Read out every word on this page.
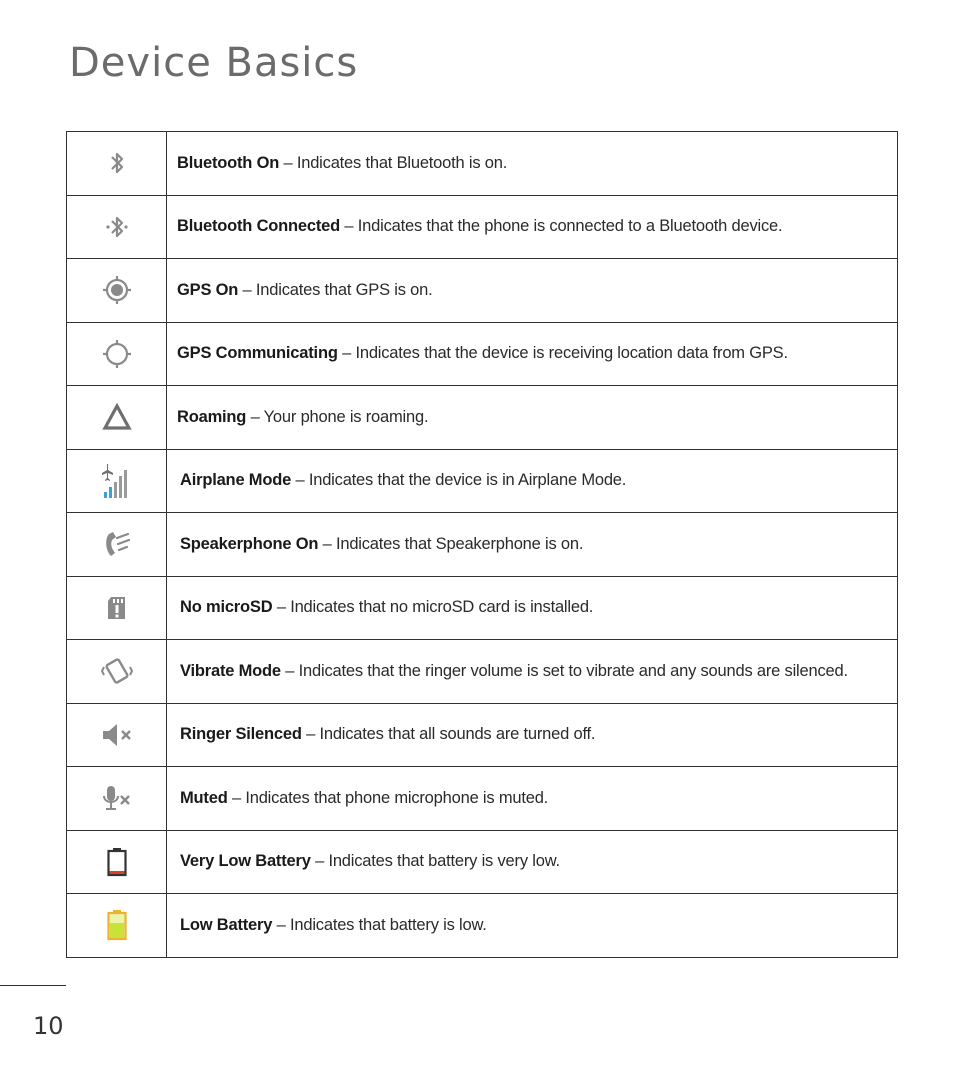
Device Basics
	Bluetooth On – Indicates that Bluetooth is on.

	Bluetooth Connected – Indicates that the phone is connected to a Bluetooth device.

	GPS On – Indicates that GPS is on.

	GPS Communicating – Indicates that the device is receiving location data from GPS.

	Roaming – Your phone is roaming.

	Airplane Mode – Indicates that the device is in Airplane Mode.

	Speakerphone On – Indicates that Speakerphone is on.

	No microSD – Indicates that no microSD card is installed.

	Vibrate Mode – Indicates that the ringer volume is set to vibrate and any sounds are silenced.

	Ringer Silenced – Indicates that all sounds are turned off.

	Muted – Indicates that phone microphone is muted.

	Very Low Battery – Indicates that battery is very low.

	Low Battery – Indicates that battery is low.
10
